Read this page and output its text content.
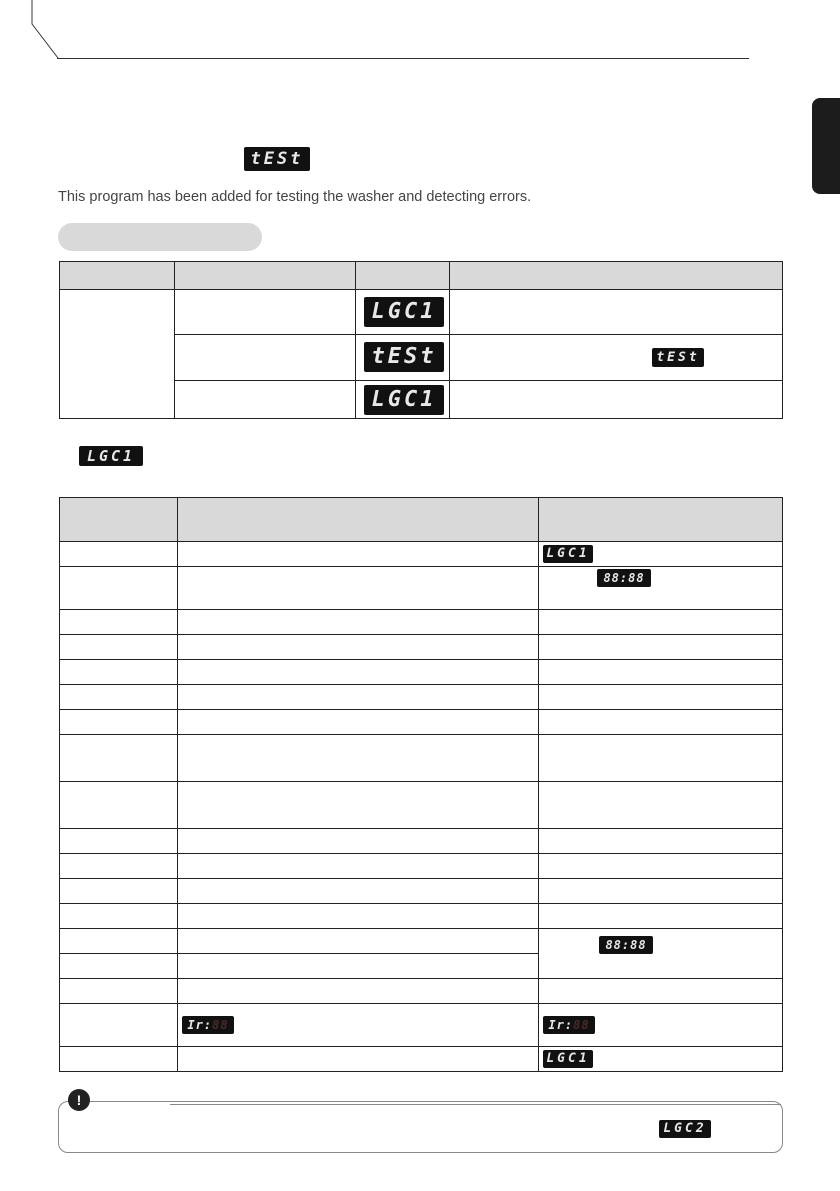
tESt
This program has been added for testing the washer and detecting errors.

		LGC1	

		tESt	tESt

		LGC1	

LGC1

		LGC1

		88:88

		88:88

	Ir:88	Ir:88

		LGC1
LGC2
!
